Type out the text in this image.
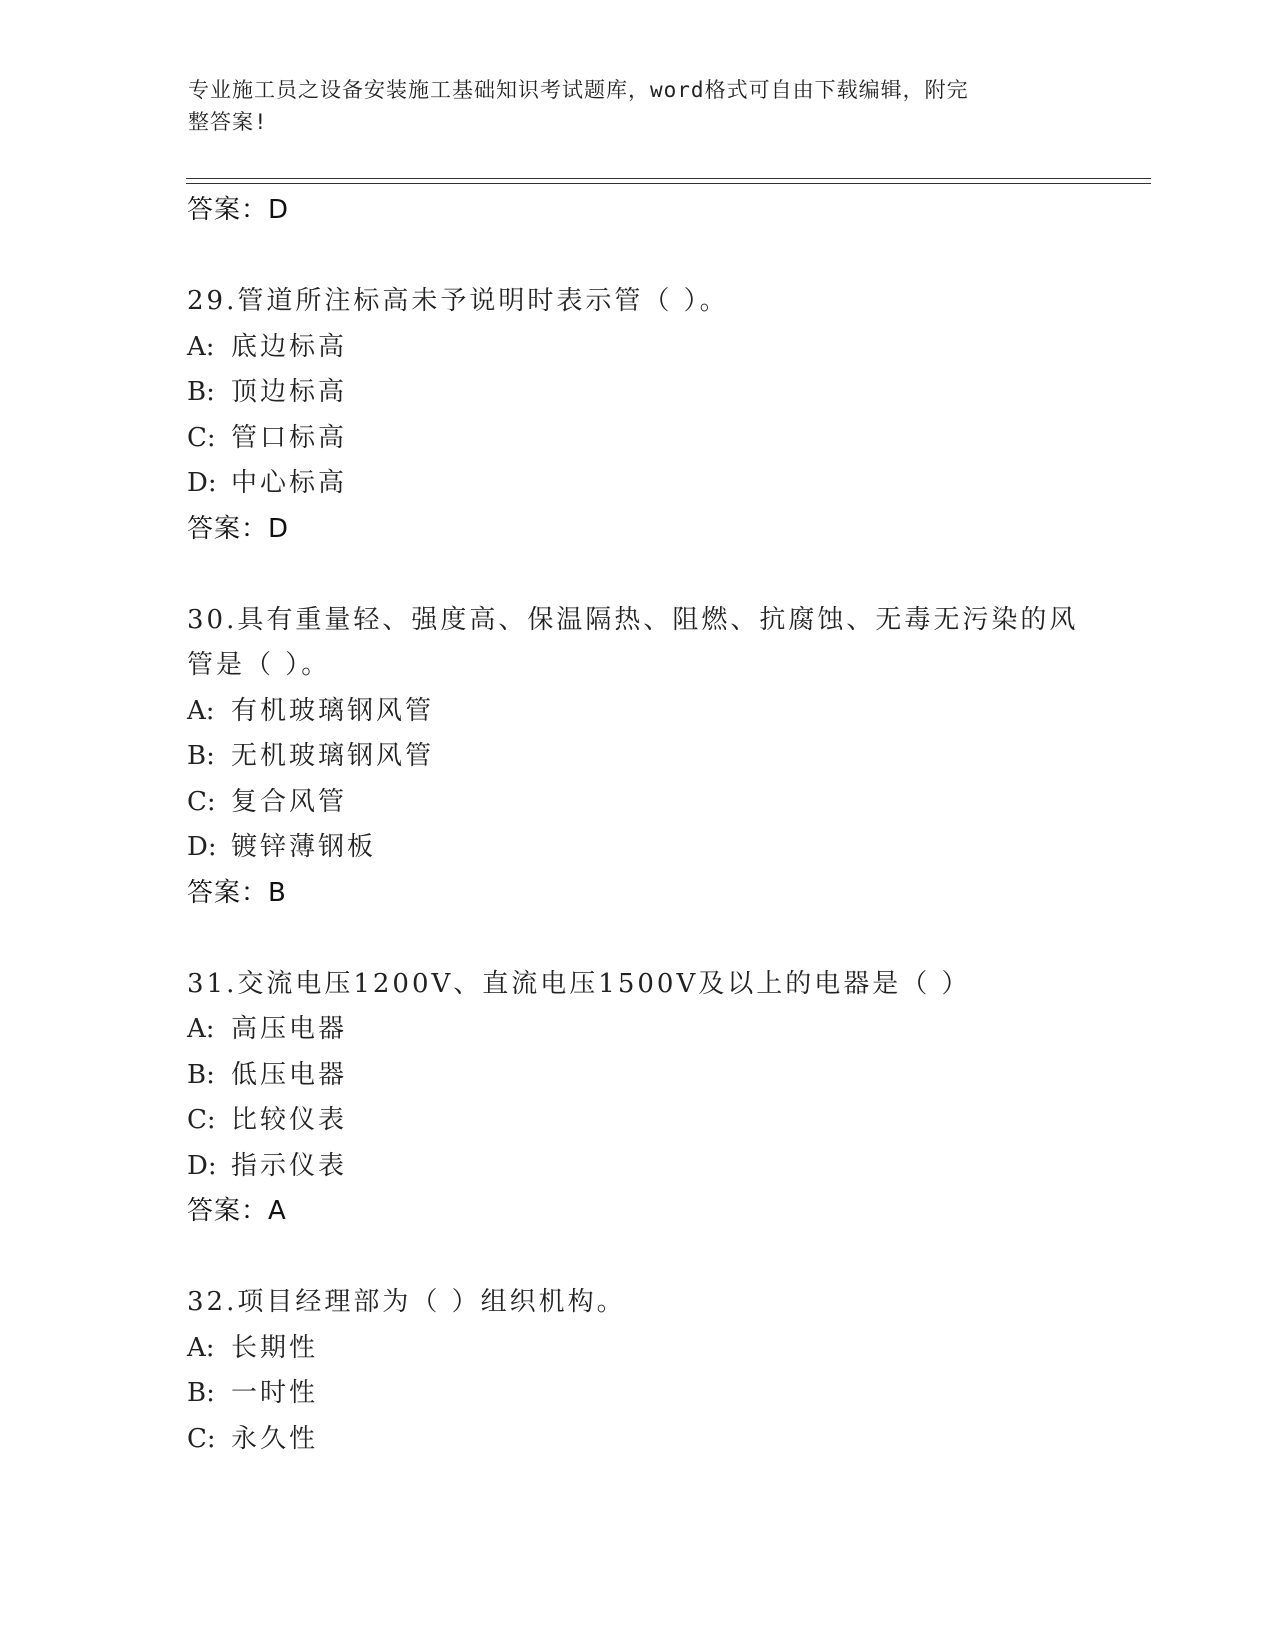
专业施工员之设备安装施工基础知识考试题库，word格式可自由下载编辑，附完
整答案!
答案：D
29.管道所注标高未予说明时表示管（ ）。
A: 底边标高
B: 顶边标高
C: 管口标高
D: 中心标高
答案：D
30.具有重量轻、强度高、保温隔热、阻燃、抗腐蚀、无毒无污染的风
管是（ ）。
A: 有机玻璃钢风管
B: 无机玻璃钢风管
C: 复合风管
D: 镀锌薄钢板
答案：B
31.交流电压1200V、直流电压1500V及以上的电器是（ ）
A: 高压电器
B: 低压电器
C: 比较仪表
D: 指示仪表
答案：A
32.项目经理部为（ ）组织机构。
A: 长期性
B: 一时性
C: 永久性
